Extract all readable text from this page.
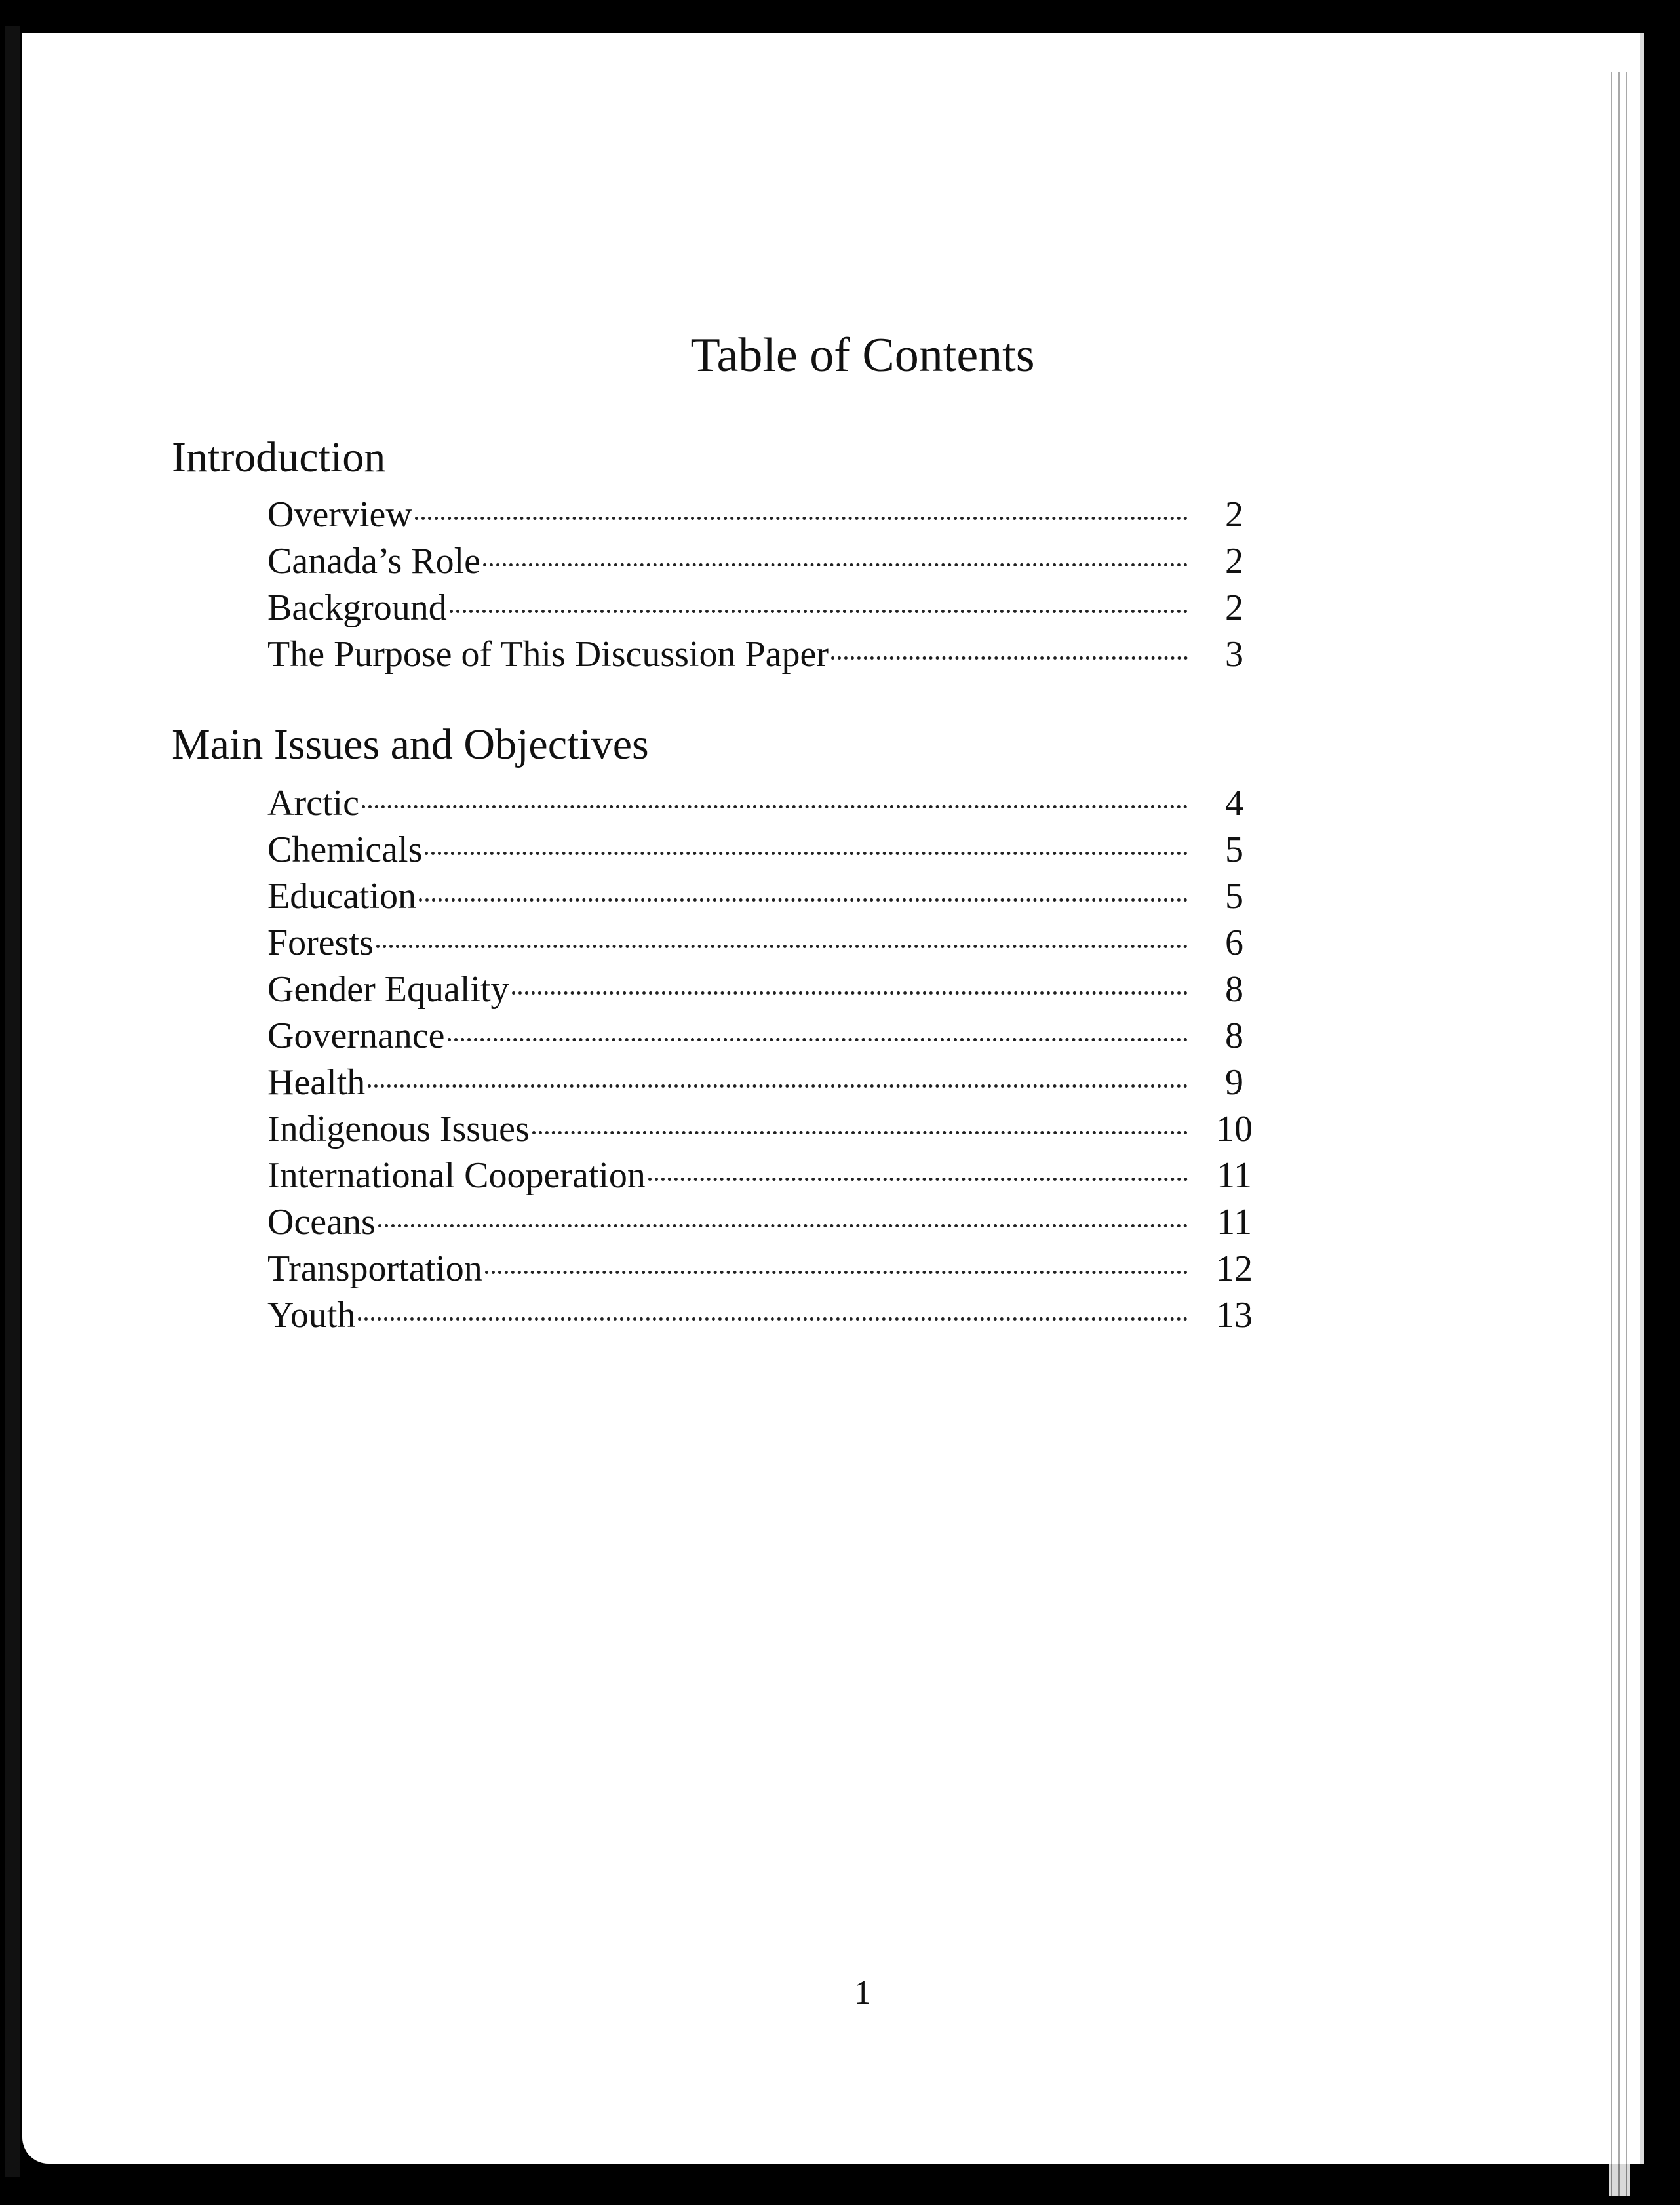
Table of Contents
Introduction
Overview	2
Canada’s Role	2
Background	2
The Purpose of This Discussion Paper	3
Main Issues and Objectives
Arctic	4
Chemicals	5
Education	5
Forests	6
Gender Equality	8
Governance	8
Health	9
Indigenous Issues	10
International Cooperation	11
Oceans	11
Transportation	12
Youth	13
1
